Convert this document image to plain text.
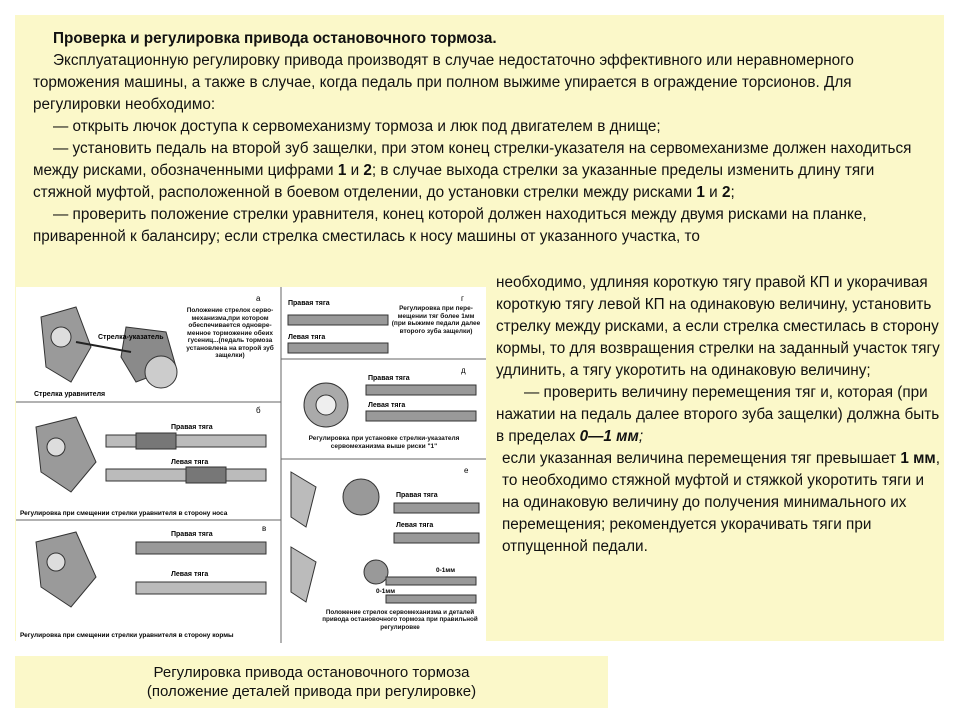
Проверка и регулировка привода остановочного тормоза.

Эксплуатационную регулировку привода производят в случае недостаточно эффективного или неравномерного торможения машины, а также в случае, когда педаль при полном выжиме упирается в ограждение торсионов. Для регулировки необходимо:

— открыть лючок доступа к сервомеханизму тормоза и люк под двигателем в днище;

— установить педаль на второй зуб защелки, при этом конец стрелки-указателя на сервомеханизме должен находиться между рисками, обозначенными цифрами 1 и 2; в случае выхода стрелки за указанные пределы изменить длину тяги стяжной муфтой, расположенной в боевом отделении, до установки стрелки между рисками 1 и 2;

— проверить положение стрелки уравнителя, конец которой должен находиться между двумя рисками на планке, приваренной к балансиру; если стрелка сместилась к носу машины от указанного участка, то

необходимо, удлиняя короткую тягу правой КП и укорачивая короткую тягу левой КП на одинаковую величину, установить стрелку между рисками, а если стрелка сместилась в сторону кормы, то для возвращения стрелки на заданный участок тягу удлинить, а тягу укоротить на одинаковую величину;

— проверить величину перемещения тяг и, которая (при нажатии на педаль далее второго зуба защелки) должна быть в пределах 0—1 мм;

если указанная величина перемещения тяг превышает 1 мм, то необходимо стяжной муфтой и стяжкой укоротить тяги и на одинаковую величину до получения минимального их перемещения; рекомендуется укорачивать тяги при отпущенной педали.

а
Стрелка-указатель
Стрелка уравнителя
Положение стрелок серво- механизма,при котором обеспечивается одновре- менное торможение обеих гусениц...(педаль тормоза установлена на второй зуб защелки)
б
Правая тяга
Левая тяга
Регулировка при смещении стрелки уравнителя в сторону носа
в
Правая тяга
Левая тяга
Регулировка при смещении стрелки уравнителя в сторону кормы
г
Правая тяга
Левая тяга
Регулировка при пере- мещении тяг более 1мм (при выжиме педали далее второго зуба защелки)
д
Правая тяга
Левая тяга
Регулировка при установке стрелки-указателя сервомеханизма выше риски "1"
е
Правая тяга
Левая тяга
0-1мм
0-1мм
Положение стрелок сервомеханизма и деталей привода остановочного тормоза при правильной регулировке
Регулировка привода остановочного тормоза
(положение деталей привода при регулировке)
